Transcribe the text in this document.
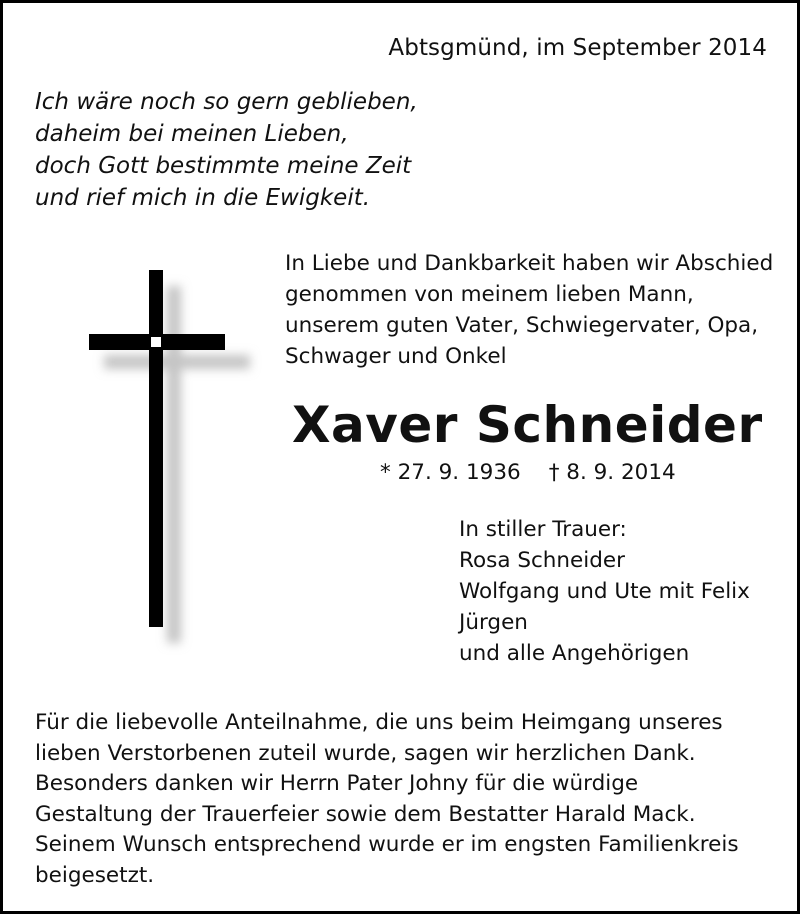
Abtsgmünd, im September 2014
Ich wäre noch so gern geblieben,
daheim bei meinen Lieben,
doch Gott bestimmte meine Zeit
und rief mich in die Ewigkeit.
In Liebe und Dankbarkeit haben wir Abschied
genommen von meinem lieben Mann,
unserem guten Vater, Schwiegervater, Opa,
Schwager und Onkel
Xaver Schneider
* 27. 9. 1936 † 8. 9. 2014
In stiller Trauer:
Rosa Schneider
Wolfgang und Ute mit Felix
Jürgen
und alle Angehörigen
Für die liebevolle Anteilnahme, die uns beim Heimgang unseres
lieben Verstorbenen zuteil wurde, sagen wir herzlichen Dank.
Besonders danken wir Herrn Pater Johny für die würdige
Gestaltung der Trauerfeier sowie dem Bestatter Harald Mack.
Seinem Wunsch entsprechend wurde er im engsten Familienkreis
beigesetzt.
